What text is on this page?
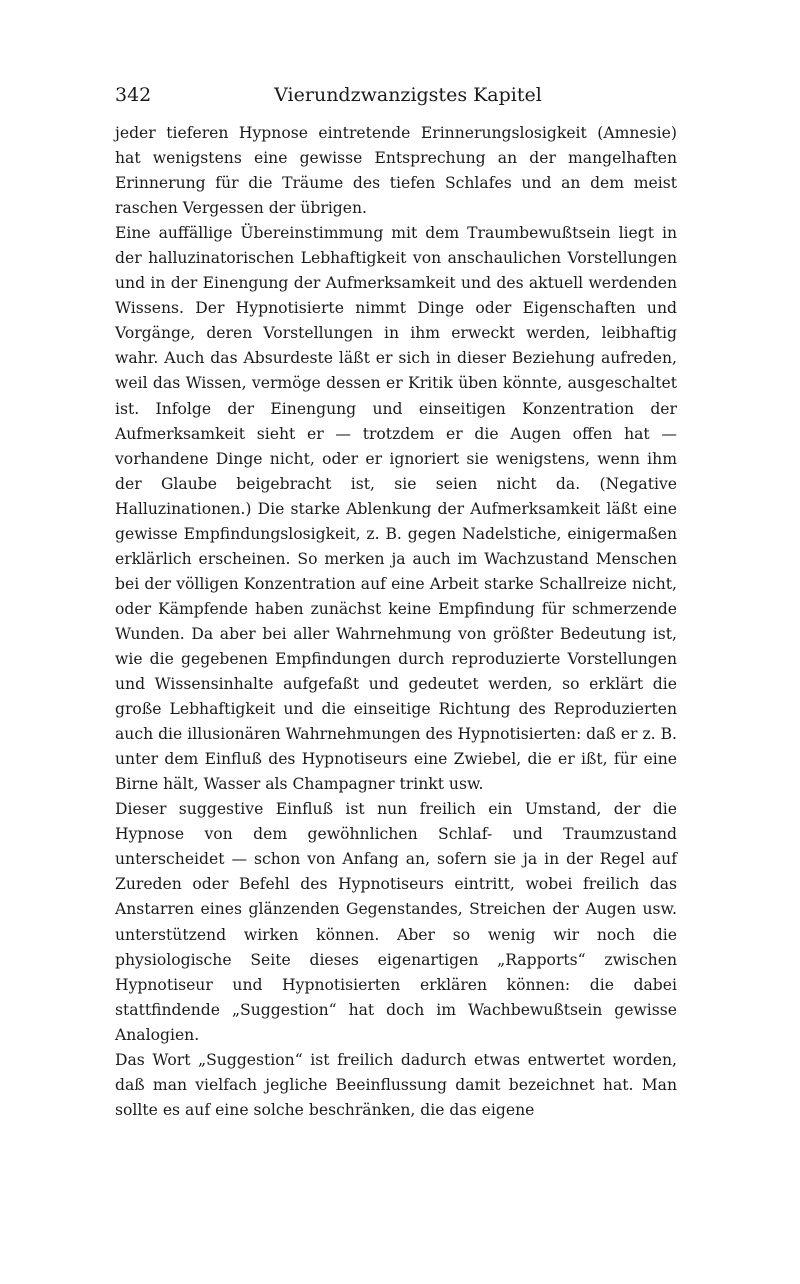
342	Vierundzwanzigstes Kapitel

jeder tieferen Hypnose eintretende Erinnerungslosigkeit (Amnesie) hat wenigstens eine gewisse Entsprechung an der mangelhaften Erinnerung für die Träume des tiefen Schlafes und an dem meist raschen Vergessen der übrigen.

Eine auffällige Übereinstimmung mit dem Traumbewußtsein liegt in der halluzinatorischen Lebhaftigkeit von anschaulichen Vorstellungen und in der Einengung der Aufmerksamkeit und des aktuell werdenden Wissens. Der Hypnotisierte nimmt Dinge oder Eigenschaften und Vorgänge, deren Vorstellungen in ihm erweckt werden, leibhaftig wahr. Auch das Absurdeste läßt er sich in dieser Beziehung aufreden, weil das Wissen, vermöge dessen er Kritik üben könnte, ausgeschaltet ist. Infolge der Einengung und einseitigen Konzentration der Aufmerksamkeit sieht er — trotzdem er die Augen offen hat — vorhandene Dinge nicht, oder er ignoriert sie wenigstens, wenn ihm der Glaube beigebracht ist, sie seien nicht da. (Negative Halluzinationen.) Die starke Ablenkung der Aufmerksamkeit läßt eine gewisse Empfindungslosigkeit, z. B. gegen Nadelstiche, einigermaßen erklärlich erscheinen. So merken ja auch im Wachzustand Menschen bei der völligen Konzentration auf eine Arbeit starke Schallreize nicht, oder Kämpfende haben zunächst keine Empfindung für schmerzende Wunden. Da aber bei aller Wahrnehmung von größter Bedeutung ist, wie die gegebenen Empfindungen durch reproduzierte Vorstellungen und Wissensinhalte aufgefaßt und gedeutet werden, so erklärt die große Lebhaftigkeit und die einseitige Richtung des Reproduzierten auch die illusionären Wahrnehmungen des Hypnotisierten: daß er z. B. unter dem Einfluß des Hypnotiseurs eine Zwiebel, die er ißt, für eine Birne hält, Wasser als Champagner trinkt usw.

Dieser suggestive Einfluß ist nun freilich ein Umstand, der die Hypnose von dem gewöhnlichen Schlaf- und Traumzustand unterscheidet — schon von Anfang an, sofern sie ja in der Regel auf Zureden oder Befehl des Hypnotiseurs eintritt, wobei freilich das Anstarren eines glänzenden Gegenstandes, Streichen der Augen usw. unterstützend wirken können. Aber so wenig wir noch die physiologische Seite dieses eigenartigen „Rapports“ zwischen Hypnotiseur und Hypnotisierten erklären können: die dabei stattfindende „Suggestion“ hat doch im Wachbewußtsein gewisse Analogien.

Das Wort „Suggestion“ ist freilich dadurch etwas entwertet worden, daß man vielfach jegliche Beeinflussung damit bezeichnet hat. Man sollte es auf eine solche beschränken, die das eigene
